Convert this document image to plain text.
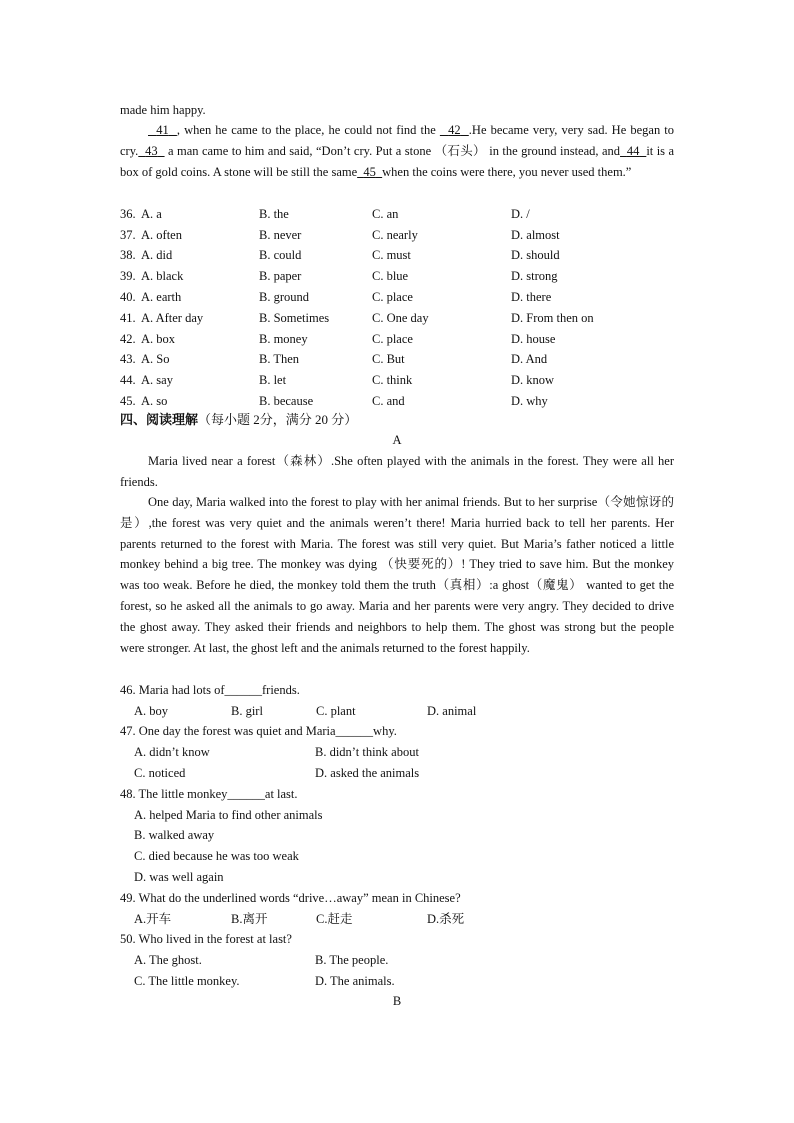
made him happy.
41 , when he came to the place, he could not find the   42 .He became very, very sad. He began to cry. 43   a man came to him and said, “Don’t cry. Put a stone （石头） in the ground instead, and 44 it is a box of gold coins. A stone will be still the same 45 when the coins were there, you never used them.”
36. A. a	B. the	C. an	D. /
37. A. often	B. never	C. nearly	D. almost
38. A. did	B. could	C. must	D. should
39. A. black	B. paper	C. blue	D. strong
40. A. earth	B. ground	C. place	D. there
41. A. After day	B. Sometimes	C. One day	D. From then on
42. A. box	B. money	C. place	D. house
43. A. So	B. Then	C. But	D. And
44. A. say	B. let	C. think	D. know
45. A. so	B. because	C. and	D. why
四、阅读理解（每小题 2分，满分 20 分）
A
Maria lived near a forest（森林）.She often played with the animals in the forest. They were all her friends.
One day, Maria walked into the forest to play with her animal friends. But to her surprise（令她惊讶的是）,the forest was very quiet and the animals weren’t there! Maria hurried back to tell her parents. Her parents returned to the forest with Maria. The forest was still very quiet. But Maria’s father noticed a little monkey behind a big tree. The monkey was dying （快要死的）! They tried to save him. But the monkey was too weak. Before he died, the monkey told them the truth（真相）:a ghost（魔鬼） wanted to get the forest, so he asked all the animals to go away. Maria and her parents were very angry. They decided to drive the ghost away. They asked their friends and neighbors to help them. The ghost was strong but the people were stronger. At last, the ghost left and the animals returned to the forest happily.
46. Maria had lots of______friends.
A. boy	B. girl	C. plant	D. animal
47. One day the forest was quiet and Maria______why.
A. didn’t know	B. didn’t think about
C. noticed	D. asked the animals
48. The little monkey______at last.
A. helped Maria to find other animals
B. walked away
C. died because he was too weak
D. was well again
49. What do the underlined words “drive…away” mean in Chinese?
A.开车	B.离开	C.赶走	D.杀死
50. Who lived in the forest at last?
A. The ghost.	B. The people.
C. The little monkey.	D. The animals.
B
